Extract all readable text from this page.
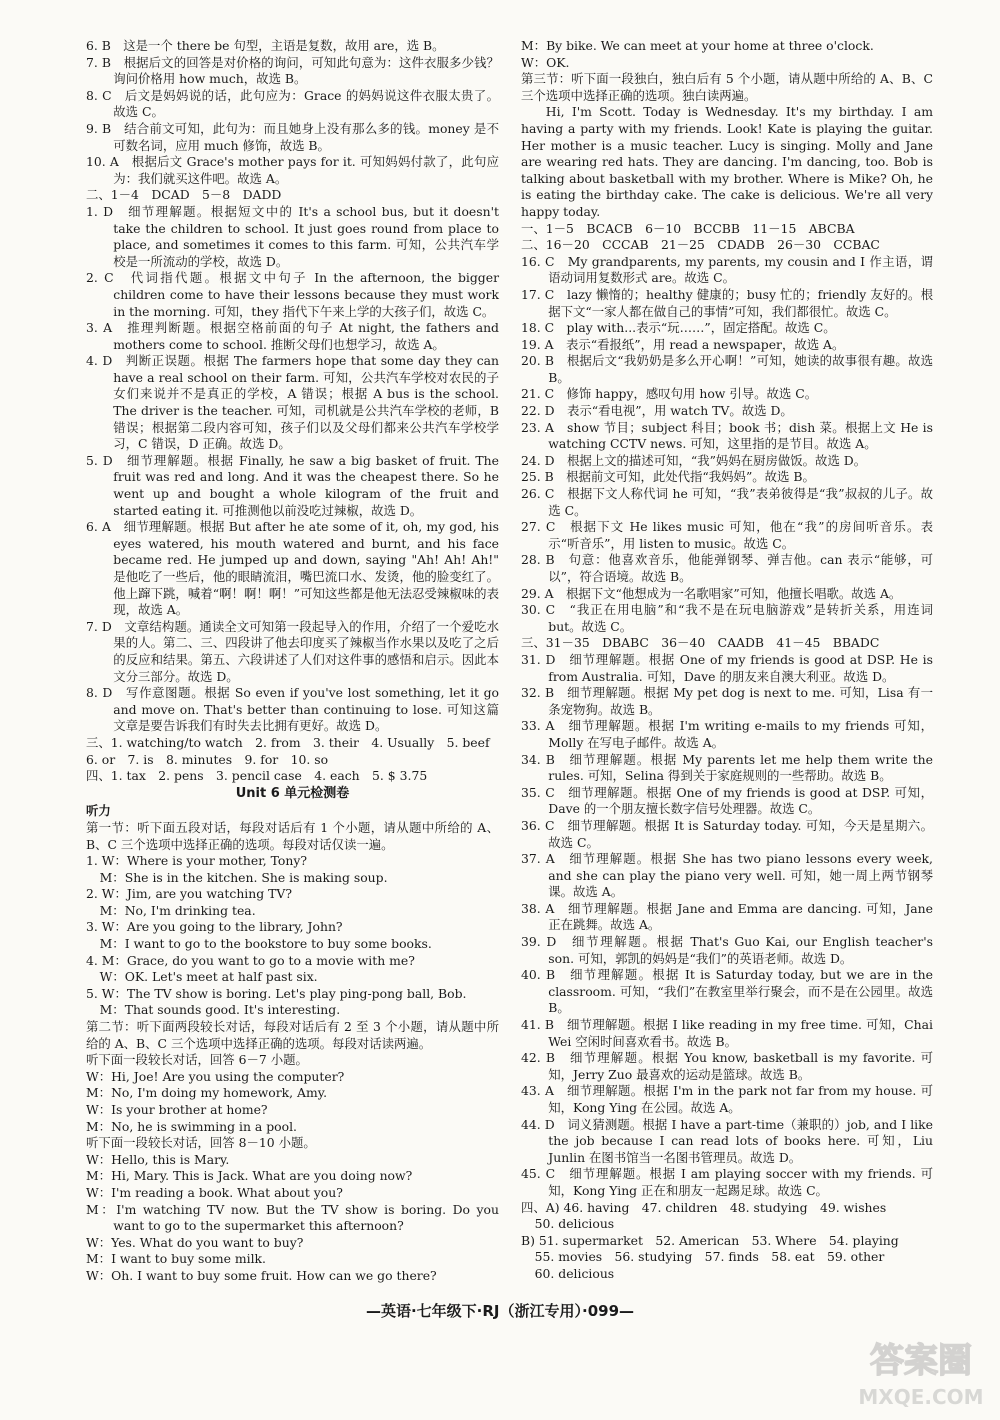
6. B　这是一个 there be 句型，主语是复数，故用 are，选 B。

7. B　根据后文的回答是对价格的询问，可知此句意为：这件衣服多少钱？询问价格用 how much，故选 B。

8. C　后文是妈妈说的话，此句应为：Grace 的妈妈说这件衣服太贵了。故选 C。

9. B　结合前文可知，此句为：而且她身上没有那么多的钱。money 是不可数名词，应用 much 修饰，故选 B。

10. A　根据后文 Grace's mother pays for it. 可知妈妈付款了，此句应为：我们就买这件吧。故选 A。

二、1－4　DCAD　5－8　DADD

1. D　细节理解题。根据短文中的 It's a school bus, but it doesn't take the children to school. It just goes round from place to place, and sometimes it comes to this farm. 可知，公共汽车学校是一所流动的学校，故选 D。

2. C　代词指代题。根据文中句子 In the afternoon, the bigger children come to have their lessons because they must work in the morning. 可知，they 指代下午来上学的大孩子们，故选 C。

3. A　推理判断题。根据空格前面的句子 At night, the fathers and mothers come to school. 推断父母们也想学习，故选 A。

4. D　判断正误题。根据 The farmers hope that some day they can have a real school on their farm. 可知，公共汽车学校对农民的子女们来说并不是真正的学校，A 错误；根据 A bus is the school. The driver is the teacher. 可知，司机就是公共汽车学校的老师，B 错误；根据第二段内容可知，孩子们以及父母们都来公共汽车学校学习，C 错误，D 正确。故选 D。

5. D　细节理解题。根据 Finally, he saw a big basket of fruit. The fruit was red and long. And it was the cheapest there. So he went up and bought a whole kilogram of the fruit and started eating it. 可推测他以前没吃过辣椒，故选 D。

6. A　细节理解题。根据 But after he ate some of it, oh, my god, his eyes watered, his mouth watered and burnt, and his face became red. He jumped up and down, saying "Ah! Ah! Ah!" 是他吃了一些后，他的眼睛流泪，嘴巴流口水、发烫，他的脸变红了。他上蹿下跳，喊着“啊！啊！啊！”可知这些都是他无法忍受辣椒味的表现，故选 A。

7. D　文章结构题。通读全文可知第一段起导入的作用，介绍了一个爱吃水果的人。第二、三、四段讲了他去印度买了辣椒当作水果以及吃了之后的反应和结果。第五、六段讲述了人们对这件事的感悟和启示。因此本文分三部分。故选 D。

8. D　写作意图题。根据 So even if you've lost something, let it go and move on. That's better than continuing to lose. 可知这篇文章是要告诉我们有时失去比拥有更好。故选 D。

三、1. watching/to watch　2. from　3. their　4. Usually　5. beef

6. or　7. is　8. minutes　9. for　10. so

四、1. tax　2. pens　3. pencil case　4. each　5. $ 3.75

Unit 6 单元检测卷

听力

第一节：听下面五段对话，每段对话后有 1 个小题，请从题中所给的 A、B、C 三个选项中选择正确的选项。每段对话仅读一遍。

1. W：Where is your mother, Tony?

M：She is in the kitchen. She is making soup.

2. W：Jim, are you watching TV?

M：No, I'm drinking tea.

3. W：Are you going to the library, John?

M：I want to go to the bookstore to buy some books.

4. M：Grace, do you want to go to a movie with me?

W：OK. Let's meet at half past six.

5. W：The TV show is boring. Let's play ping-pong ball, Bob.

M：That sounds good. It's interesting.

第二节：听下面两段较长对话，每段对话后有 2 至 3 个小题，请从题中所给的 A、B、C 三个选项中选择正确的选项。每段对话读两遍。

听下面一段较长对话，回答 6－7 小题。

W：Hi, Joe! Are you using the computer?

M：No, I'm doing my homework, Amy.

W：Is your brother at home?

M：No, he is swimming in a pool.

听下面一段较长对话，回答 8－10 小题。

W：Hello, this is Mary.

M：Hi, Mary. This is Jack. What are you doing now?

W：I'm reading a book. What about you?

M：I'm watching TV now. But the TV show is boring. Do you want to go to the supermarket this afternoon?

W：Yes. What do you want to buy?

M：I want to buy some milk.

W：Oh. I want to buy some fruit. How can we go there?

M：By bike. We can meet at your home at three o'clock.

W：OK.

第三节：听下面一段独白，独白后有 5 个小题，请从题中所给的 A、B、C 三个选项中选择正确的选项。独白读两遍。

Hi, I'm Scott. Today is Wednesday. It's my birthday. I am having a party with my friends. Look! Kate is playing the guitar. Her mother is a music teacher. Lucy is singing. Molly and Jane are wearing red hats. They are dancing. I'm dancing, too. Bob is talking about basketball with my brother. Where is Mike? Oh, he is eating the birthday cake. The cake is delicious. We're all very happy today.

一、1－5　BCACB　6－10　BCCBB　11－15　ABCBA

二、16－20　CCCAB　21－25　CDADB　26－30　CCBAC

16. C　My grandparents, my parents, my cousin and I 作主语，谓语动词用复数形式 are。故选 C。

17. C　lazy 懒惰的；healthy 健康的；busy 忙的；friendly 友好的。根据下文“一家人都在做自己的事情”可知，我们都很忙。故选 C。

18. C　play with...表示“玩……”，固定搭配。故选 C。

19. A　表示“看报纸”，用 read a newspaper，故选 A。

20. B　根据后文“我奶奶是多么开心啊！”可知，她读的故事很有趣。故选 B。

21. C　修饰 happy，感叹句用 how 引导。故选 C。

22. D　表示“看电视”，用 watch TV。故选 D。

23. A　show 节目；subject 科目；book 书；dish 菜。根据上文 He is watching CCTV news. 可知，这里指的是节目。故选 A。

24. D　根据上文的描述可知，“我”妈妈在厨房做饭。故选 D。

25. B　根据前文可知，此处代指“我妈妈”。故选 B。

26. C　根据下文人称代词 he 可知，“我”表弟彼得是“我”叔叔的儿子。故选 C。

27. C　根据下文 He likes music 可知，他在“我”的房间听音乐。表示“听音乐”，用 listen to music。故选 C。

28. B　句意：他喜欢音乐，他能弹钢琴、弹吉他。can 表示“能够，可以”，符合语境。故选 B。

29. A　根据下文“他想成为一名歌唱家”可知，他擅长唱歌。故选 A。

30. C　“我正在用电脑”和“我不是在玩电脑游戏”是转折关系，用连词 but。故选 C。

三、31－35　DBABC　36－40　CAADB　41－45　BBADC

31. D　细节理解题。根据 One of my friends is good at DSP. He is from Australia. 可知，Dave 的朋友来自澳大利亚。故选 D。

32. B　细节理解题。根据 My pet dog is next to me. 可知，Lisa 有一条宠物狗。故选 B。

33. A　细节理解题。根据 I'm writing e-mails to my friends 可知，Molly 在写电子邮件。故选 A。

34. B　细节理解题。根据 My parents let me help them write the rules. 可知，Selina 得到关于家庭规则的一些帮助。故选 B。

35. C　细节理解题。根据 One of my friends is good at DSP. 可知，Dave 的一个朋友擅长数字信号处理器。故选 C。

36. C　细节理解题。根据 It is Saturday today. 可知，今天是星期六。故选 C。

37. A　细节理解题。根据 She has two piano lessons every week, and she can play the piano very well. 可知，她一周上两节钢琴课。故选 A。

38. A　细节理解题。根据 Jane and Emma are dancing. 可知，Jane 正在跳舞。故选 A。

39. D　细节理解题。根据 That's Guo Kai, our English teacher's son. 可知，郭凯的妈妈是“我们”的英语老师。故选 D。

40. B　细节理解题。根据 It is Saturday today, but we are in the classroom. 可知，“我们”在教室里举行聚会，而不是在公园里。故选 B。

41. B　细节理解题。根据 I like reading in my free time. 可知，Chai Wei 空闲时间喜欢看书。故选 B。

42. B　细节理解题。根据 You know, basketball is my favorite. 可知，Jerry Zuo 最喜欢的运动是篮球。故选 B。

43. A　细节理解题。根据 I'm in the park not far from my house. 可知，Kong Ying 在公园。故选 A。

44. D　词义猜测题。根据 I have a part-time（兼职的）job, and I like the job because I can read lots of books here. 可知，Liu Junlin 在图书馆当一名图书管理员。故选 D。

45. C　细节理解题。根据 I am playing soccer with my friends. 可知，Kong Ying 正在和朋友一起踢足球。故选 C。

四、A) 46. having　47. children　48. studying　49. wishes

50. delicious

B) 51. supermarket　52. American　53. Where　54. playing

55. movies　56. studying　57. finds　58. eat　59. other

60. delicious

—英语·七年级下·RJ（浙江专用）·099—
答案圈
MXQE.COM
